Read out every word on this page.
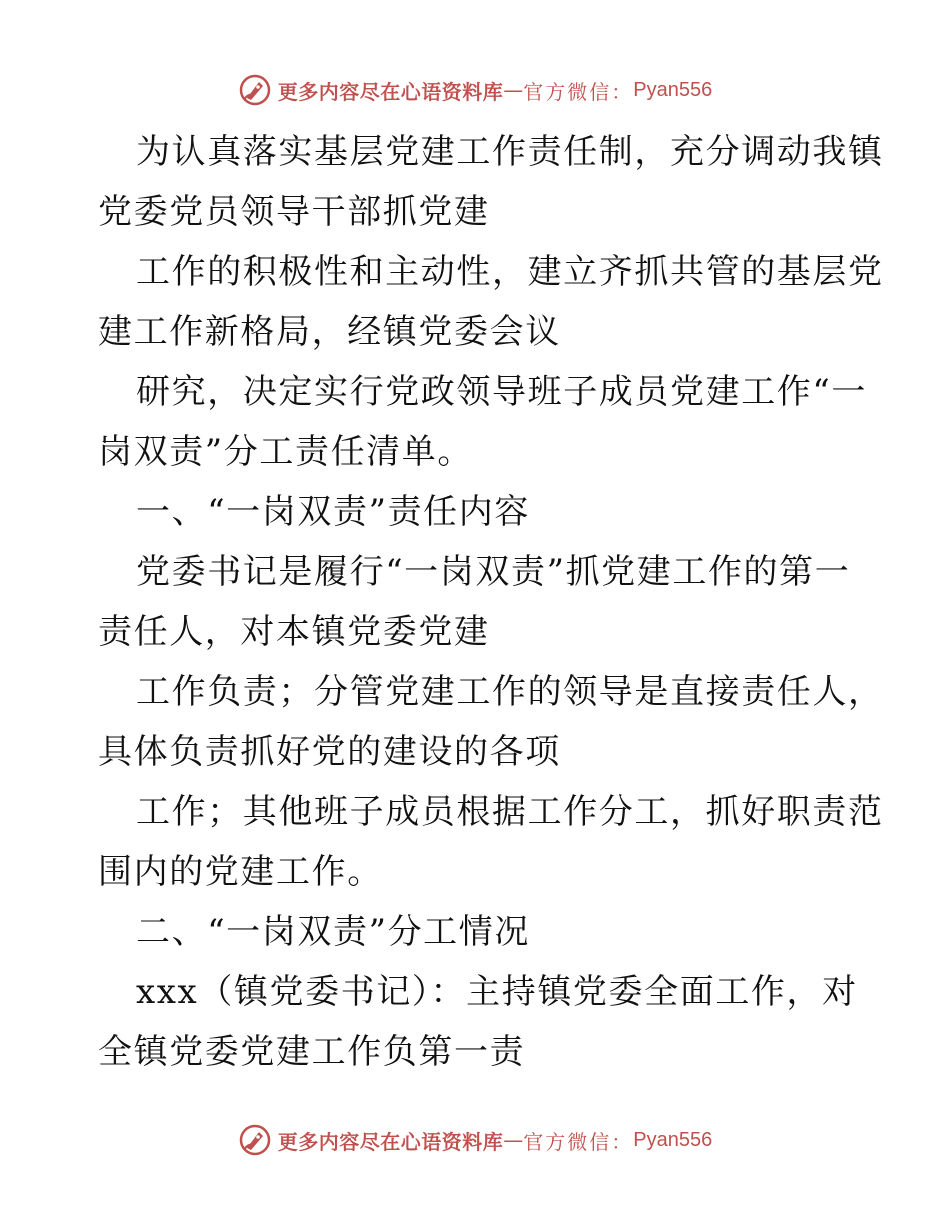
更多内容尽在心语资料库 — 官方微信： Pyan556
为认真落实基层党建工作责任制，充分调动我镇
党委党员领导干部抓党建
工作的积极性和主动性，建立齐抓共管的基层党
建工作新格局，经镇党委会议
研究，决定实行党政领导班子成员党建工作“一
岗双责”分工责任清单。
一、“一岗双责”责任内容
党委书记是履行“一岗双责”抓党建工作的第一
责任人，对本镇党委党建
工作负责；分管党建工作的领导是直接责任人，
具体负责抓好党的建设的各项
工作；其他班子成员根据工作分工，抓好职责范
围内的党建工作。
二、“一岗双责”分工情况
xxx（镇党委书记）：主持镇党委全面工作，对
全镇党委党建工作负第一责
更多内容尽在心语资料库 — 官方微信： Pyan556
